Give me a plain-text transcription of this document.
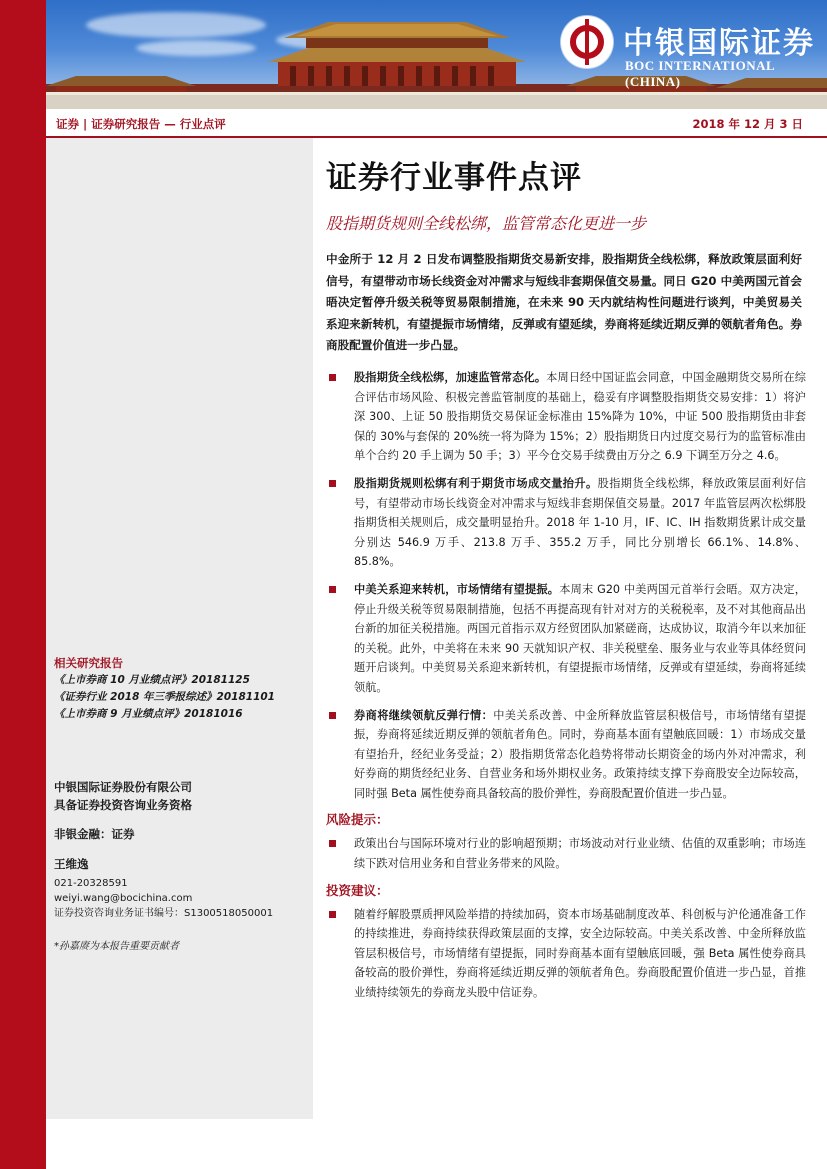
中银国际证券
BOC INTERNATIONAL (CHINA)
证券 | 证券研究报告 — 行业点评	2018 年 12 月 3 日
相关研究报告
《上市券商 10 月业绩点评》20181125
《证券行业 2018 年三季报综述》20181101
《上市券商 9 月业绩点评》20181016
中银国际证券股份有限公司
具备证券投资咨询业务资格
非银金融：证券
王维逸
021-20328591
weiyi.wang@bocichina.com
证券投资咨询业务证书编号：S1300518050001
*孙嘉赓为本报告重要贡献者
证券行业事件点评
股指期货规则全线松绑，监管常态化更进一步
中金所于 12 月 2 日发布调整股指期货交易新安排，股指期货全线松绑，释放政策层面利好信号，有望带动市场长线资金对冲需求与短线非套期保值交易量。同日 G20 中美两国元首会晤决定暂停升级关税等贸易限制措施，在未来 90 天内就结构性问题进行谈判，中美贸易关系迎来新转机，有望提振市场情绪，反弹或有望延续，券商将延续近期反弹的领航者角色。券商股配置价值进一步凸显。
股指期货全线松绑，加速监管常态化。本周日经中国证监会同意，中国金融期货交易所在综合评估市场风险、积极完善监管制度的基础上，稳妥有序调整股指期货交易安排：1）将沪深 300、上证 50 股指期货交易保证金标准由 15%降为 10%，中证 500 股指期货由非套保的 30%与套保的 20%统一将为降为 15%；2）股指期货日内过度交易行为的监管标准由单个合约 20 手上调为 50 手；3）平今仓交易手续费由万分之 6.9 下调至万分之 4.6。
股指期货规则松绑有利于期货市场成交量抬升。股指期货全线松绑，释放政策层面利好信号，有望带动市场长线资金对冲需求与短线非套期保值交易量。2017 年监管层两次松绑股指期货相关规则后，成交量明显抬升。2018 年 1-10 月，IF、IC、IH 指数期货累计成交量分别达 546.9 万手、213.8 万手、355.2 万手，同比分别增长 66.1%、14.8%、85.8%。
中美关系迎来转机，市场情绪有望提振。本周末 G20 中美两国元首举行会晤。双方决定，停止升级关税等贸易限制措施，包括不再提高现有针对对方的关税税率，及不对其他商品出台新的加征关税措施。两国元首指示双方经贸团队加紧磋商，达成协议，取消今年以来加征的关税。此外，中美将在未来 90 天就知识产权、非关税壁垒、服务业与农业等具体经贸问题开启谈判。中美贸易关系迎来新转机，有望提振市场情绪，反弹或有望延续，券商将延续领航。
券商将继续领航反弹行情：中美关系改善、中金所释放监管层积极信号，市场情绪有望提振，券商将延续近期反弹的领航者角色。同时，券商基本面有望触底回暖：1）市场成交量有望抬升，经纪业务受益；2）股指期货常态化趋势将带动长期资金的场内外对冲需求，利好券商的期货经纪业务、自营业务和场外期权业务。政策持续支撑下券商股安全边际较高，同时强 Beta 属性使券商具备较高的股价弹性，券商股配置价值进一步凸显。
风险提示：
政策出台与国际环境对行业的影响超预期；市场波动对行业业绩、估值的双重影响；市场连续下跌对信用业务和自营业务带来的风险。
投资建议：
随着纾解股票质押风险举措的持续加码，资本市场基础制度改革、科创板与沪伦通准备工作的持续推进，券商持续获得政策层面的支撑，安全边际较高。中美关系改善、中金所释放监管层积极信号，市场情绪有望提振，同时券商基本面有望触底回暖，强 Beta 属性使券商具备较高的股价弹性，券商将延续近期反弹的领航者角色。券商股配置价值进一步凸显，首推业绩持续领先的券商龙头股中信证券。
